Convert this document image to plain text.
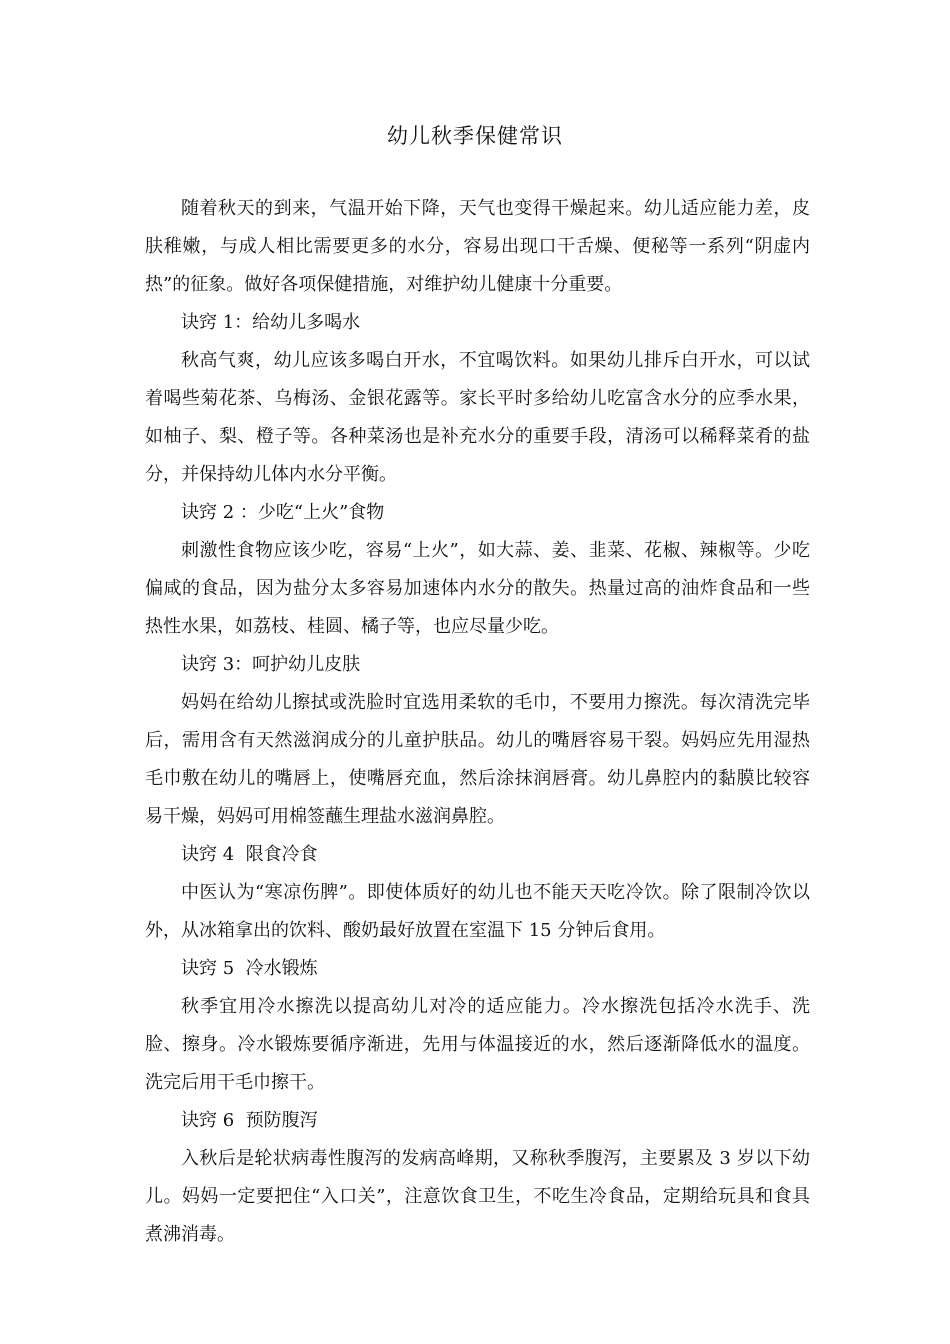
幼儿秋季保健常识

随着秋天的到来，气温开始下降，天气也变得干燥起来。幼儿适应能力差，皮肤稚嫩，与成人相比需要更多的水分，容易出现口干舌燥、便秘等一系列“阴虚内热”的征象。做好各项保健措施，对维护幼儿健康十分重要。

诀窍 1：给幼儿多喝水

秋高气爽，幼儿应该多喝白开水，不宜喝饮料。如果幼儿排斥白开水，可以试着喝些菊花茶、乌梅汤、金银花露等。家长平时多给幼儿吃富含水分的应季水果，如柚子、梨、橙子等。各种菜汤也是补充水分的重要手段，清汤可以稀释菜肴的盐分，并保持幼儿体内水分平衡。

诀窍 2 ：少吃“上火”食物

刺激性食物应该少吃，容易“上火”，如大蒜、姜、韭菜、花椒、辣椒等。少吃偏咸的食品，因为盐分太多容易加速体内水分的散失。热量过高的油炸食品和一些热性水果，如荔枝、桂圆、橘子等，也应尽量少吃。

诀窍 3：呵护幼儿皮肤

妈妈在给幼儿擦拭或洗脸时宜选用柔软的毛巾，不要用力擦洗。每次清洗完毕后，需用含有天然滋润成分的儿童护肤品。幼儿的嘴唇容易干裂。妈妈应先用湿热毛巾敷在幼儿的嘴唇上，使嘴唇充血，然后涂抹润唇膏。幼儿鼻腔内的黏膜比较容易干燥，妈妈可用棉签蘸生理盐水滋润鼻腔。

诀窍 4  限食冷食

中医认为“寒凉伤脾”。即使体质好的幼儿也不能天天吃冷饮。除了限制冷饮以外，从冰箱拿出的饮料、酸奶最好放置在室温下 15 分钟后食用。

诀窍 5  冷水锻炼

秋季宜用冷水擦洗以提高幼儿对冷的适应能力。冷水擦洗包括冷水洗手、洗脸、擦身。冷水锻炼要循序渐进，先用与体温接近的水，然后逐渐降低水的温度。洗完后用干毛巾擦干。

诀窍 6  预防腹泻

入秋后是轮状病毒性腹泻的发病高峰期，又称秋季腹泻，主要累及 3 岁以下幼儿。妈妈一定要把住“入口关”，注意饮食卫生，不吃生冷食品，定期给玩具和食具煮沸消毒。
